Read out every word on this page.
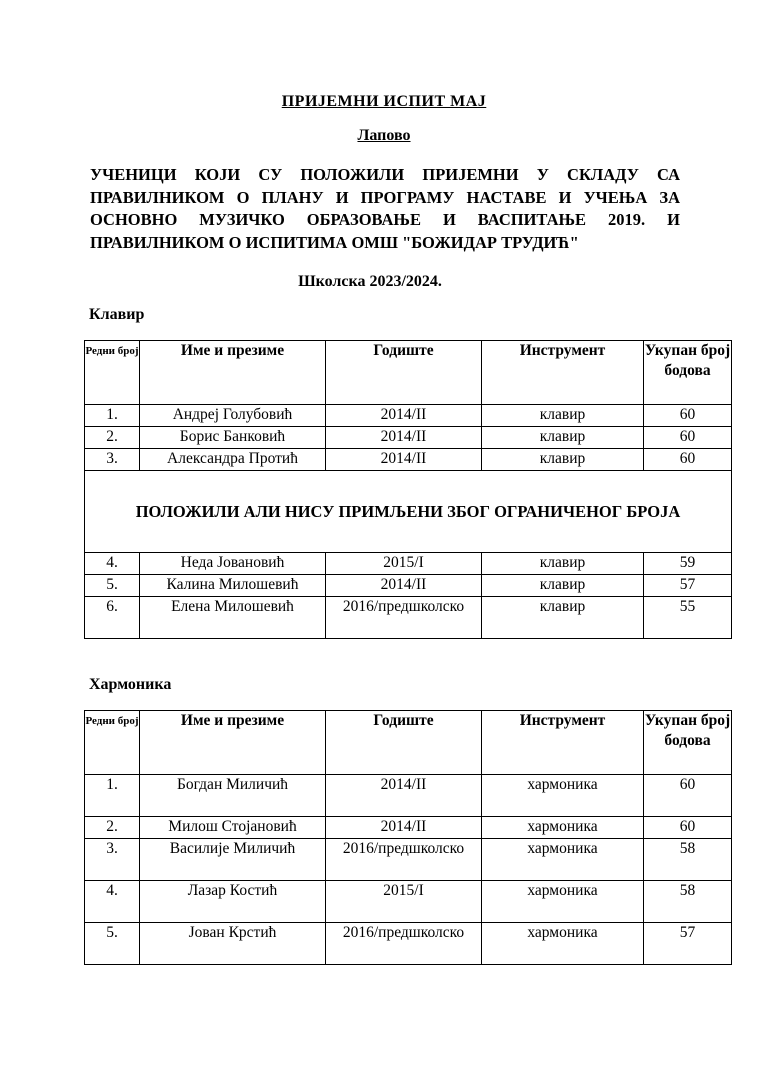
ПРИЈЕМНИ ИСПИТ МАЈ
Лапово
УЧЕНИЦИ КОЈИ СУ ПОЛОЖИЛИ ПРИЈЕМНИ У СКЛАДУ СА ПРАВИЛНИКОМ О ПЛАНУ И ПРОГРАМУ НАСТАВЕ И УЧЕЊА ЗА ОСНОВНО МУЗИЧКО ОБРАЗОВАЊЕ И ВАСПИТАЊЕ 2019. И ПРАВИЛНИКОМ О ИСПИТИМА ОМШ "БОЖИДАР ТРУДИЋ"
Школска 2023/2024.
Клавир
Редни број	Име и презиме	Годиште	Инструмент	Укупан број бодова
1.	Андреј Голубовић	2014/II	клавир	60
2.	Борис Банковић	2014/II	клавир	60
3.	Александра Протић	2014/II	клавир	60
ПОЛОЖИЛИ АЛИ НИСУ ПРИМЉЕНИ ЗБОГ ОГРАНИЧЕНОГ БРОЈА				
4.	Неда Јовановић	2015/I	клавир	59
5.	Калина Милошевић	2014/II	клавир	57
6.	Елена Милошевић	2016/предшколско	клавир	55
Хармоника
Редни број	Име и презиме	Годиште	Инструмент	Укупан број бодова
1.	Богдан Миличић	2014/II	хармоника	60
2.	Милош Стојановић	2014/II	хармоника	60
3.	Василије Миличић	2016/предшколско	хармоника	58
4.	Лазар Костић	2015/I	хармоника	58
5.	Јован Крстић	2016/предшколско	хармоника	57
